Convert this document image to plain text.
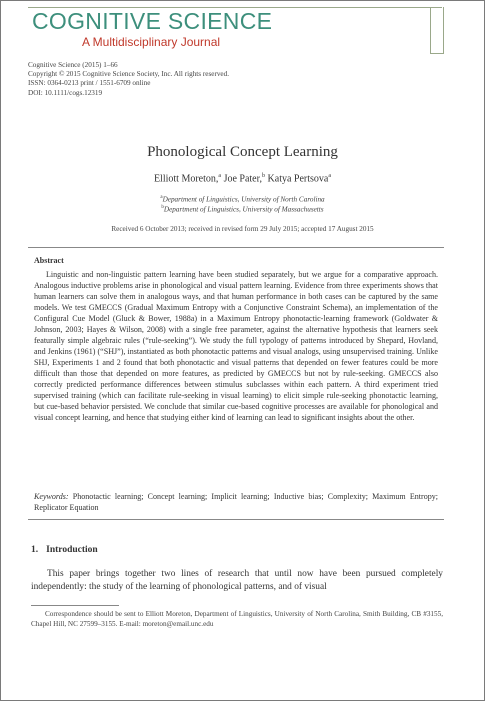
COGNITIVE SCIENCE
A Multidisciplinary Journal
Cognitive Science (2015) 1–66
Copyright © 2015 Cognitive Science Society, Inc. All rights reserved.
ISSN: 0364-0213 print / 1551-6709 online
DOI: 10.1111/cogs.12319
Phonological Concept Learning
Elliott Moreton,$^a$ Joe Pater,$^b$ Katya Pertsova$^a$
$^a$Department of Linguistics, University of North Carolina
$^b$Department of Linguistics, University of Massachusetts
Received 6 October 2013; received in revised form 29 July 2015; accepted 17 August 2015
Abstract
Linguistic and non-linguistic pattern learning have been studied separately, but we argue for a comparative approach. Analogous inductive problems arise in phonological and visual pattern learning. Evidence from three experiments shows that human learners can solve them in analogous ways, and that human performance in both cases can be captured by the same models. We test GMECCS (Gradual Maximum Entropy with a Conjunctive Constraint Schema), an implementation of the Configural Cue Model (Gluck & Bower, 1988a) in a Maximum Entropy phonotactic-learning framework (Goldwater & Johnson, 2003; Hayes & Wilson, 2008) with a single free parameter, against the alternative hypothesis that learners seek featurally simple algebraic rules (“rule-seeking”). We study the full typology of patterns introduced by Shepard, Hovland, and Jenkins (1961) (“SHJ”), instantiated as both phonotactic patterns and visual analogs, using unsupervised training. Unlike SHJ, Experiments 1 and 2 found that both phonotactic and visual patterns that depended on fewer features could be more difficult than those that depended on more features, as predicted by GMECCS but not by rule-seeking. GMECCS also correctly predicted performance differences between stimulus subclasses within each pattern. A third experiment tried supervised training (which can facilitate rule-seeking in visual learning) to elicit simple rule-seeking phonotactic learning, but cue-based behavior persisted. We conclude that similar cue-based cognitive processes are available for phonological and visual concept learning, and hence that studying either kind of learning can lead to significant insights about the other.
Keywords: Phonotactic learning; Concept learning; Implicit learning; Inductive bias; Complexity; Maximum Entropy; Replicator Equation
1. Introduction
This paper brings together two lines of research that until now have been pursued completely independently: the study of the learning of phonological patterns, and of visual
Correspondence should be sent to Elliott Moreton, Department of Linguistics, University of North Carolina, Smith Building, CB #3155, Chapel Hill, NC 27599–3155. E-mail: moreton@email.unc.edu
